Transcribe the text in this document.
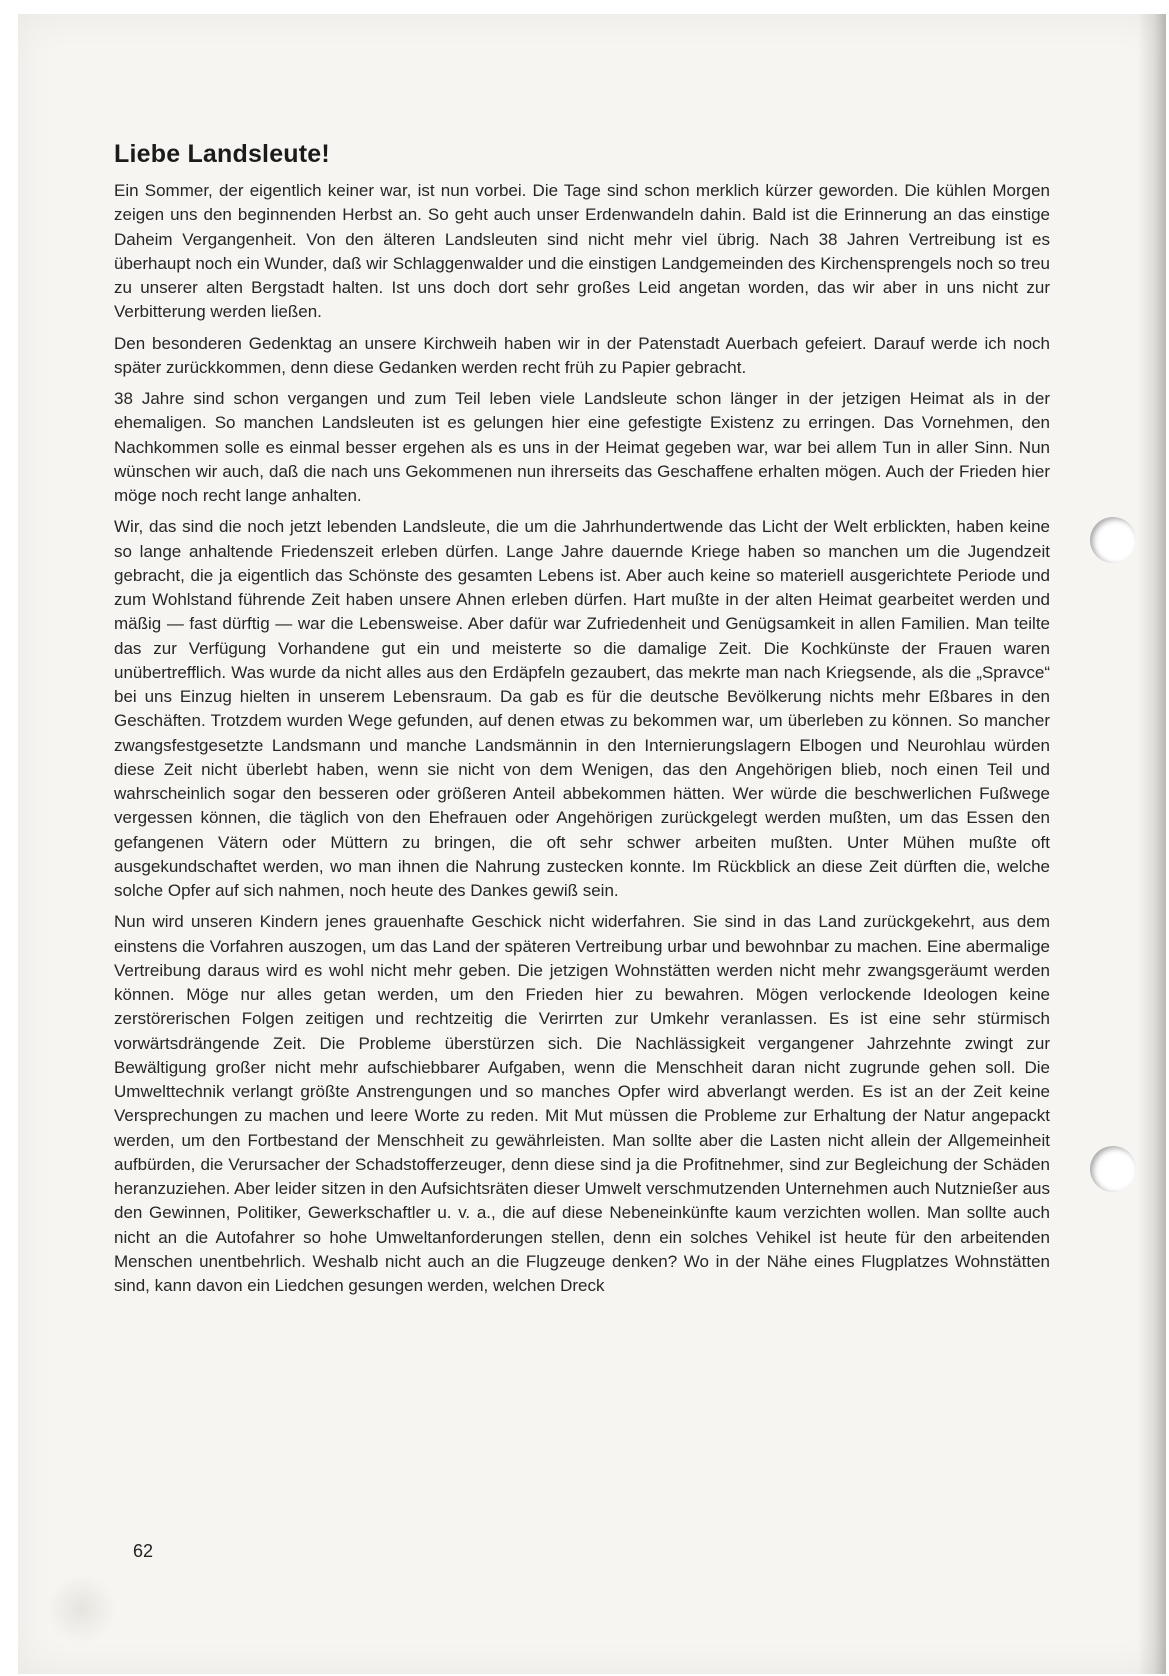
Liebe Landsleute!

Ein Sommer, der eigentlich keiner war, ist nun vorbei. Die Tage sind schon merklich kürzer geworden. Die kühlen Morgen zeigen uns den beginnenden Herbst an. So geht auch unser Erdenwandeln dahin. Bald ist die Erinnerung an das einstige Daheim Vergangenheit. Von den älteren Landsleuten sind nicht mehr viel übrig. Nach 38 Jahren Vertreibung ist es überhaupt noch ein Wunder, daß wir Schlaggenwalder und die einstigen Landgemeinden des Kirchensprengels noch so treu zu unserer alten Bergstadt halten. Ist uns doch dort sehr großes Leid angetan worden, das wir aber in uns nicht zur Verbitterung werden ließen.

Den besonderen Gedenktag an unsere Kirchweih haben wir in der Patenstadt Auerbach gefeiert. Darauf werde ich noch später zurückkommen, denn diese Gedanken werden recht früh zu Papier gebracht.

38 Jahre sind schon vergangen und zum Teil leben viele Landsleute schon länger in der jetzigen Heimat als in der ehemaligen. So manchen Landsleuten ist es gelungen hier eine gefestigte Existenz zu erringen. Das Vornehmen, den Nachkommen solle es einmal besser ergehen als es uns in der Heimat gegeben war, war bei allem Tun in aller Sinn. Nun wünschen wir auch, daß die nach uns Gekommenen nun ihrerseits das Geschaffene erhalten mögen. Auch der Frieden hier möge noch recht lange anhalten.

Wir, das sind die noch jetzt lebenden Landsleute, die um die Jahrhundertwende das Licht der Welt erblickten, haben keine so lange anhaltende Friedenszeit erleben dürfen. Lange Jahre dauernde Kriege haben so manchen um die Jugendzeit gebracht, die ja eigentlich das Schönste des gesamten Lebens ist. Aber auch keine so materiell ausgerichtete Periode und zum Wohlstand führende Zeit haben unsere Ahnen erleben dürfen. Hart mußte in der alten Heimat gearbeitet werden und mäßig — fast dürftig — war die Lebensweise. Aber dafür war Zufriedenheit und Genügsamkeit in allen Familien. Man teilte das zur Verfügung Vorhandene gut ein und meisterte so die damalige Zeit. Die Kochkünste der Frauen waren unübertrefflich. Was wurde da nicht alles aus den Erdäpfeln gezaubert, das mekrte man nach Kriegsende, als die „Spravce“ bei uns Einzug hielten in unserem Lebensraum. Da gab es für die deutsche Bevölkerung nichts mehr Eßbares in den Geschäften. Trotzdem wurden Wege gefunden, auf denen etwas zu bekommen war, um überleben zu können. So mancher zwangsfestgesetzte Landsmann und manche Landsmännin in den Internierungslagern Elbogen und Neurohlau würden diese Zeit nicht überlebt haben, wenn sie nicht von dem Wenigen, das den Angehörigen blieb, noch einen Teil und wahrscheinlich sogar den besseren oder größeren Anteil abbekommen hätten. Wer würde die beschwerlichen Fußwege vergessen können, die täglich von den Ehefrauen oder Angehörigen zurückgelegt werden mußten, um das Essen den gefangenen Vätern oder Müttern zu bringen, die oft sehr schwer arbeiten mußten. Unter Mühen mußte oft ausgekundschaftet werden, wo man ihnen die Nahrung zustecken konnte. Im Rückblick an diese Zeit dürften die, welche solche Opfer auf sich nahmen, noch heute des Dankes gewiß sein.

Nun wird unseren Kindern jenes grauenhafte Geschick nicht widerfahren. Sie sind in das Land zurückgekehrt, aus dem einstens die Vorfahren auszogen, um das Land der späteren Vertreibung urbar und bewohnbar zu machen. Eine abermalige Vertreibung daraus wird es wohl nicht mehr geben. Die jetzigen Wohnstätten werden nicht mehr zwangsgeräumt werden können. Möge nur alles getan werden, um den Frieden hier zu bewahren. Mögen verlockende Ideologen keine zerstörerischen Folgen zeitigen und rechtzeitig die Verirrten zur Umkehr veranlassen. Es ist eine sehr stürmisch vorwärtsdrängende Zeit. Die Probleme überstürzen sich. Die Nachlässigkeit vergangener Jahrzehnte zwingt zur Bewältigung großer nicht mehr aufschiebbarer Aufgaben, wenn die Menschheit daran nicht zugrunde gehen soll. Die Umwelttechnik verlangt größte Anstrengungen und so manches Opfer wird abverlangt werden. Es ist an der Zeit keine Versprechungen zu machen und leere Worte zu reden. Mit Mut müssen die Probleme zur Erhaltung der Natur angepackt werden, um den Fortbestand der Menschheit zu gewährleisten. Man sollte aber die Lasten nicht allein der Allgemeinheit aufbürden, die Verursacher der Schadstofferzeuger, denn diese sind ja die Profitnehmer, sind zur Begleichung der Schäden heranzuziehen. Aber leider sitzen in den Aufsichtsräten dieser Umwelt verschmutzenden Unternehmen auch Nutznießer aus den Gewinnen, Politiker, Gewerkschaftler u. v. a., die auf diese Nebeneinkünfte kaum verzichten wollen. Man sollte auch nicht an die Autofahrer so hohe Umweltanforderungen stellen, denn ein solches Vehikel ist heute für den arbeitenden Menschen unentbehrlich. Weshalb nicht auch an die Flugzeuge denken? Wo in der Nähe eines Flugplatzes Wohnstätten sind, kann davon ein Liedchen gesungen werden, welchen Dreck

62
